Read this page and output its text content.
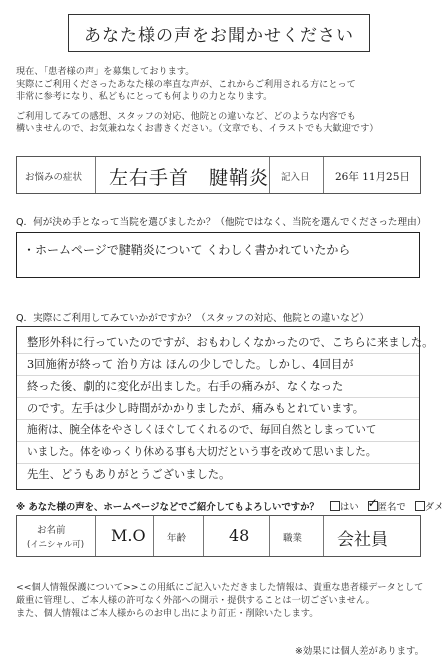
あなた様の声をお聞かせください
現在、「患者様の声」を募集しております。
実際にご利用くださったあなた様の率直な声が、これからご利用される方にとって
非常に参考になり、私どもにとっても何よりの力となります。
ご利用してみての感想、スタッフの対応、他院との違いなど、どのような内容でも
構いませんので、お気兼ねなくお書きください。（文章でも、イラストでも大歓迎です）
お悩みの症状 左右手首　腱鞘炎 記入日 26年 11月25日
Q．何が決め手となって当院を選びましたか？（他院ではなく、当院を選んでくださった理由）
・ホームページで腱鞘炎について くわしく書かれていたから
Q．実際にご利用してみていかがですか？（スタッフの対応、他院との違いなど）
整形外科に行っていたのですが、おもわしくなかったので、こちらに来ました。
3回施術が終って 治り方は ほんの少しでした。しかし、4回目が
終った後、劇的に変化が出ました。右手の痛みが、なくなった
のです。左手は少し時間がかかりましたが、痛みもとれています。
施術は、腕全体をやさしくほぐしてくれるので、毎回自然としまっていて
いました。体をゆっくり休める事も大切だという事を改めて思いました。
先生、どうもありがとうございました。
※ あなた様の声を、ホームページなどでご紹介してもよろしいですか？ はい ✓ 匿名で ダメ
お名前
(イニシャル可) M.O 年齢	48	職業 会社員
<<個人情報保護について>>この用紙にご記入いただきました情報は、貴重な患者様データとして
厳重に管理し、ご本人様の許可なく外部への開示・提供することは一切ございません。
また、個人情報はご本人様からのお申し出により訂正・削除いたします。
※効果には個人差があります。
